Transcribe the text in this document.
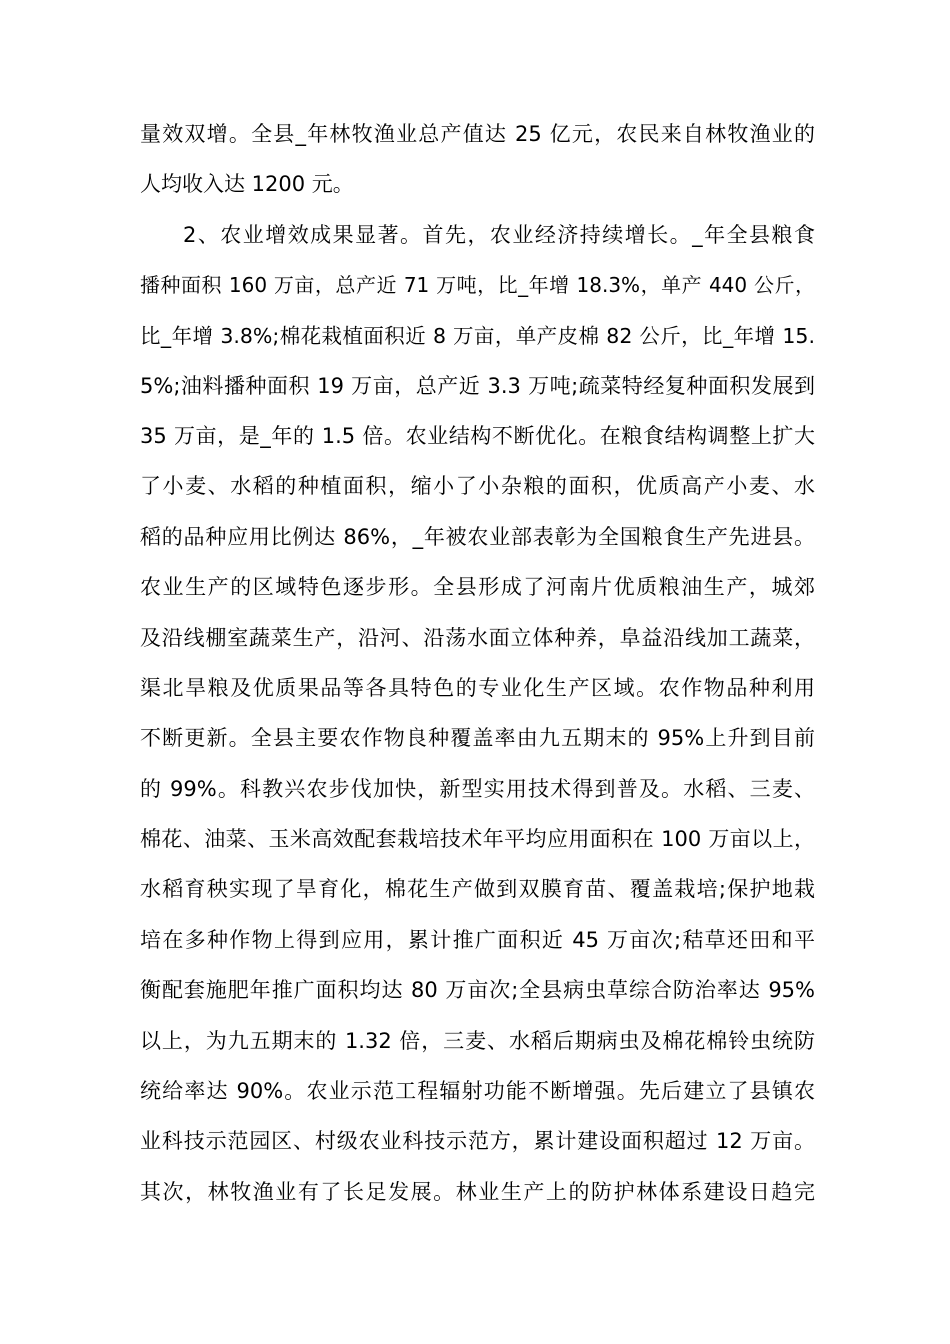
量效双增。全县_年林牧渔业总产值达 25 亿元，农民来自林牧渔业的
人均收入达 1200 元。
2、农业增效成果显著。首先，农业经济持续增长。_年全县粮食
播种面积 160 万亩，总产近 71 万吨，比_年增 18.3%，单产 440 公斤，
比_年增 3.8%;棉花栽植面积近 8 万亩，单产皮棉 82 公斤，比_年增 15.
5%;油料播种面积 19 万亩，总产近 3.3 万吨;疏菜特经复种面积发展到
35 万亩，是_年的 1.5 倍。农业结构不断优化。在粮食结构调整上扩大
了小麦、水稻的种植面积，缩小了小杂粮的面积，优质高产小麦、水
稻的品种应用比例达 86%，_年被农业部表彰为全国粮食生产先进县。
农业生产的区域特色逐步形。全县形成了河南片优质粮油生产，城郊
及沿线棚室蔬菜生产，沿河、沿荡水面立体种养，阜益沿线加工蔬菜，
渠北旱粮及优质果品等各具特色的专业化生产区域。农作物品种利用
不断更新。全县主要农作物良种覆盖率由九五期末的 95%上升到目前
的 99%。科教兴农步伐加快，新型实用技术得到普及。水稻、三麦、
棉花、油菜、玉米高效配套栽培技术年平均应用面积在 100 万亩以上，
水稻育秧实现了旱育化，棉花生产做到双膜育苗、覆盖栽培;保护地栽
培在多种作物上得到应用，累计推广面积近 45 万亩次;秸草还田和平
衡配套施肥年推广面积均达 80 万亩次;全县病虫草综合防治率达 95%
以上，为九五期末的 1.32 倍，三麦、水稻后期病虫及棉花棉铃虫统防
统给率达 90%。农业示范工程辐射功能不断增强。先后建立了县镇农
业科技示范园区、村级农业科技示范方，累计建设面积超过 12 万亩。
其次，林牧渔业有了长足发展。林业生产上的防护林体系建设日趋完
